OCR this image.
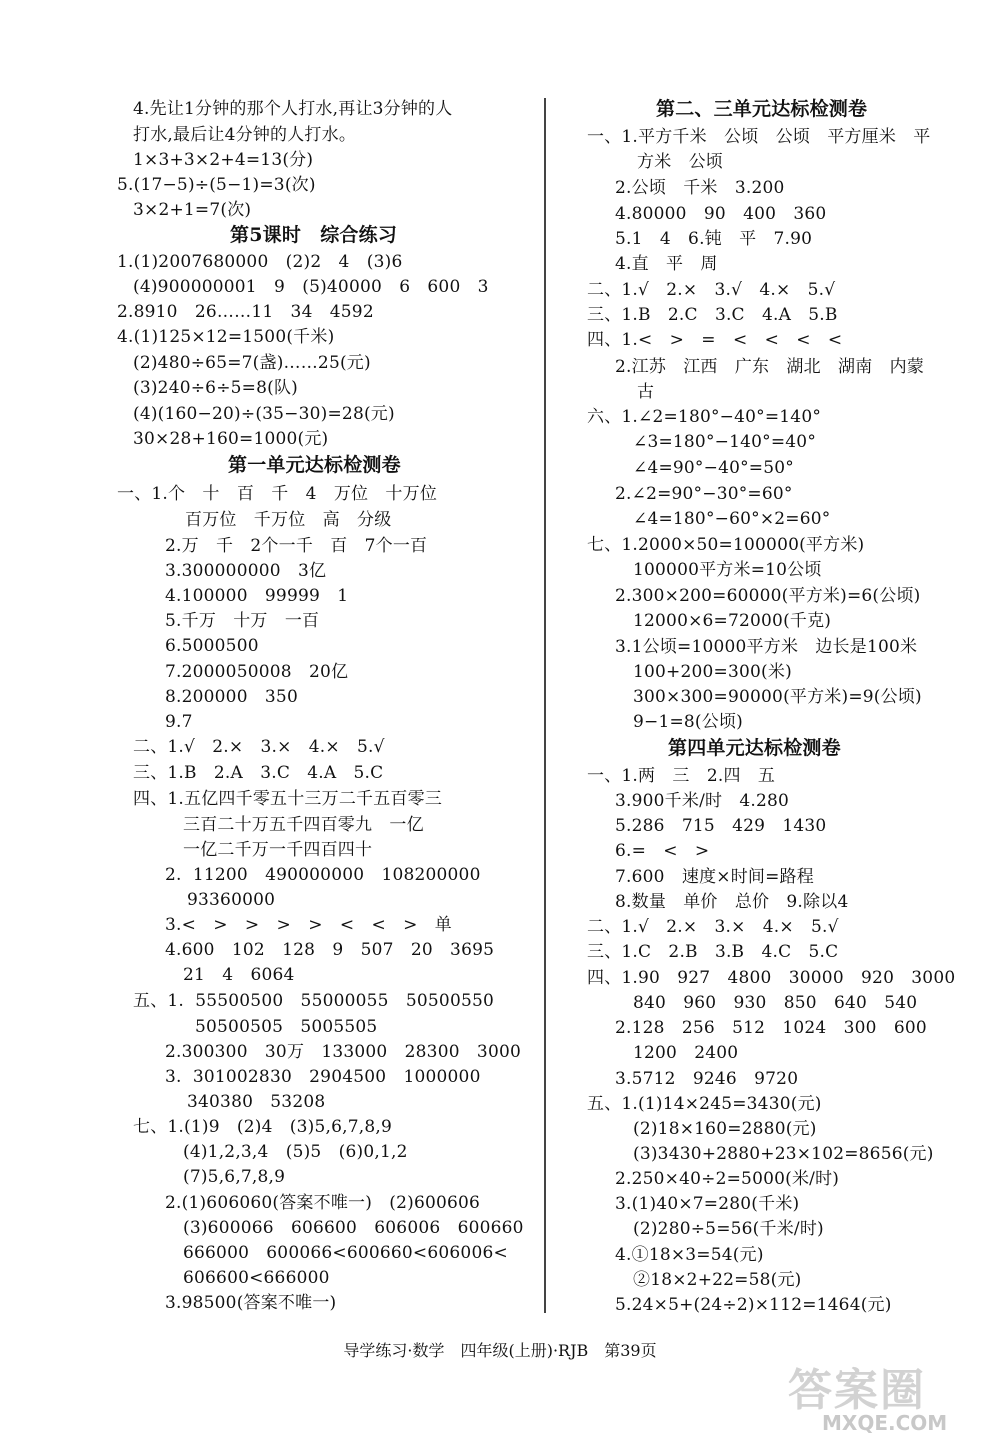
4.先让1分钟的那个人打水,再让3分钟的人
打水,最后让4分钟的人打水。
1×3+3×2+4=13(分)
5.(17−5)÷(5−1)=3(次)
3×2+1=7(次)
第5课时　综合练习
1.(1)2007680000　(2)2　4　(3)6
(4)900000001　9　(5)40000　6　600　3
2.8910　26……11　34　4592
4.(1)125×12=1500(千米)
(2)480÷65=7(盏)……25(元)
(3)240÷6÷5=8(队)
(4)(160−20)÷(35−30)=28(元)
30×28+160=1000(元)
第一单元达标检测卷
一、1.个　十　百　千　4　万位　十万位
百万位　千万位　高　分级
2.万　千　2个一千　百　7个一百
3.300000000　3亿
4.100000　99999　1
5.千万　十万　一百
6.5000500
7.2000050008　20亿
8.200000　350
9.7
二、1.√　2.×　3.×　4.×　5.√
三、1.B　2.A　3.C　4.A　5.C
四、1.五亿四千零五十三万二千五百零三
三百二十万五千四百零九　一亿
一亿二千万一千四百四十
2.  11200　490000000　108200000
93360000
3.<　>　>　>　>　<　<　>　单
4.600　102　128　9　507　20　3695
21　4　6064
五、1.  55500500　55000055　50500550
50500505　5005505
2.300300　30万　133000　28300　3000
3.  301002830　2904500　1000000
340380　53208
七、1.(1)9　(2)4　(3)5,6,7,8,9
(4)1,2,3,4　(5)5　(6)0,1,2
(7)5,6,7,8,9
2.(1)606060(答案不唯一)　(2)600606
(3)600066　606600　606006　600660
666000　600066<600660<606006<
606600<666000
3.98500(答案不唯一)
第二、三单元达标检测卷
一、1.平方千米　公顷　公顷　平方厘米　平
方米　公顷
2.公顷　千米　3.200
4.80000　90　400　360
5.1　4　6.钝　平　7.90
4.直　平　周
二、1.√　2.×　3.√　4.×　5.√
三、1.B　2.C　3.C　4.A　5.B
四、1.<　>　=　<　<　<　<
2.江苏　江西　广东　湖北　湖南　内蒙
古
六、1.∠2=180°−40°=140°
∠3=180°−140°=40°
∠4=90°−40°=50°
2.∠2=90°−30°=60°
∠4=180°−60°×2=60°
七、1.2000×50=100000(平方米)
100000平方米=10公顷
2.300×200=60000(平方米)=6(公顷)
12000×6=72000(千克)
3.1公顷=10000平方米　边长是100米
100+200=300(米)
300×300=90000(平方米)=9(公顷)
9−1=8(公顷)
第四单元达标检测卷
一、1.两　三　2.四　五
3.900千米/时　4.280
5.286　715　429　1430
6.=　<　>
7.600　速度×时间=路程
8.数量　单价　总价　9.除以4
二、1.√　2.×　3.×　4.×　5.√
三、1.C　2.B　3.B　4.C　5.C
四、1.90　927　4800　30000　920　3000
840　960　930　850　640　540
2.128　256　512　1024　300　600
1200　2400
3.5712　9246　9720
五、1.(1)14×245=3430(元)
(2)18×160=2880(元)
(3)3430+2880+23×102=8656(元)
2.250×40÷2=5000(米/时)
3.(1)40×7=280(千米)
(2)280÷5=56(千米/时)
4.①18×3=54(元)
②18×2+22=58(元)
5.24×5+(24÷2)×112=1464(元)
导学练习·数学　四年级(上册)·RJB　第39页
答案圈
MXQE.COM
